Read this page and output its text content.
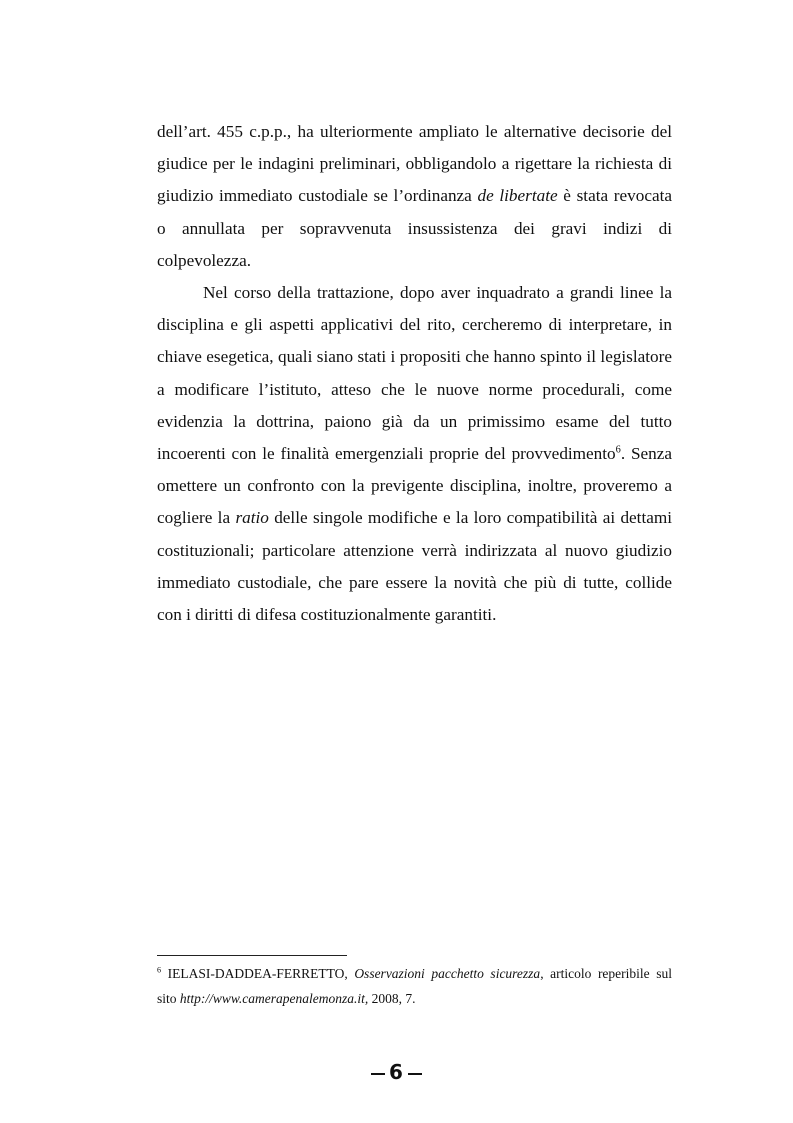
dell’art. 455 c.p.p., ha ulteriormente ampliato le alternative decisorie del giudice per le indagini preliminari, obbligandolo a rigettare la richiesta di giudizio immediato custodiale se l’ordinanza de libertate è stata revocata o annullata per sopravvenuta insussistenza dei gravi indizi di colpevolezza.

Nel corso della trattazione, dopo aver inquadrato a grandi linee la disciplina e gli aspetti applicativi del rito, cercheremo di interpretare, in chiave esegetica, quali siano stati i propositi che hanno spinto il legislatore a modificare l’istituto, atteso che le nuove norme procedurali, come evidenzia la dottrina, paiono già da un primissimo esame del tutto incoerenti con le finalità emergenziali proprie del provvedimento$^6$. Senza omettere un confronto con la previgente disciplina, inoltre, proveremo a cogliere la ratio delle singole modifiche e la loro compatibilità ai dettami costituzionali; particolare attenzione verrà indirizzata al nuovo giudizio immediato custodiale, che pare essere la novità che più di tutte, collide con i diritti di difesa costituzionalmente garantiti.

$^6$ IELASI-DADDEA-FERRETTO, Osservazioni pacchetto sicurezza, articolo reperibile sul sito http://www.camerapenalemonza.it, 2008, 7.

6
